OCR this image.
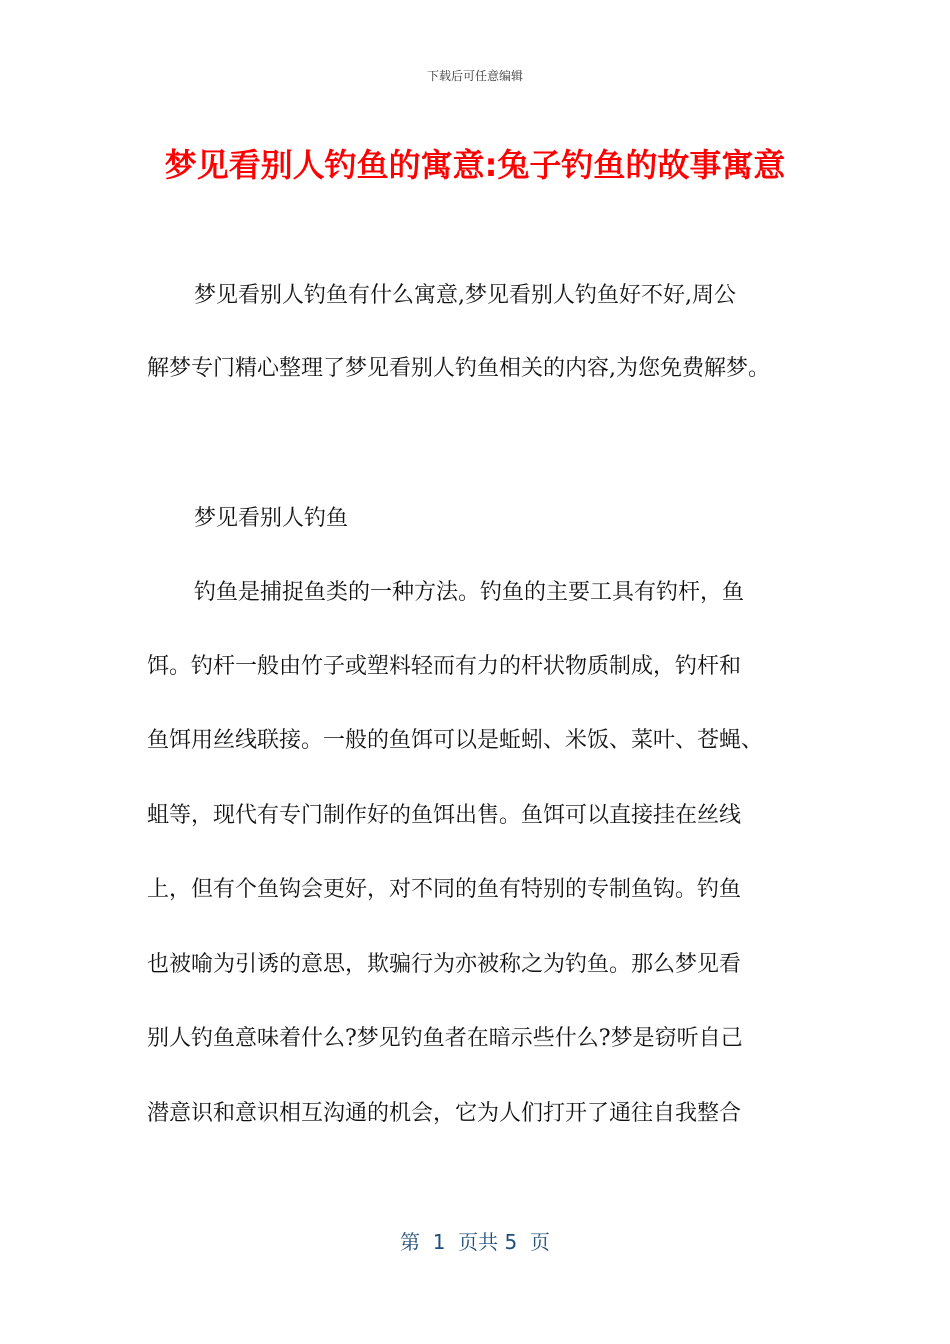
下载后可任意编辑
梦见看别人钓鱼的寓意:兔子钓鱼的故事寓意
梦见看别人钓鱼有什么寓意,梦见看别人钓鱼好不好,周公
解梦专门精心整理了梦见看别人钓鱼相关的内容,为您免费解梦。
梦见看别人钓鱼
钓鱼是捕捉鱼类的一种方法。钓鱼的主要工具有钓杆，鱼
饵。钓杆一般由竹子或塑料轻而有力的杆状物质制成，钓杆和
鱼饵用丝线联接。一般的鱼饵可以是蚯蚓、米饭、菜叶、苍蝇、
蛆等，现代有专门制作好的鱼饵出售。鱼饵可以直接挂在丝线
上，但有个鱼钩会更好，对不同的鱼有特别的专制鱼钩。钓鱼
也被喻为引诱的意思，欺骗行为亦被称之为钓鱼。那么梦见看
别人钓鱼意味着什么?梦见钓鱼者在暗示些什么?梦是窃听自己
潜意识和意识相互沟通的机会，它为人们打开了通往自我整合
第  1  页共 5  页
